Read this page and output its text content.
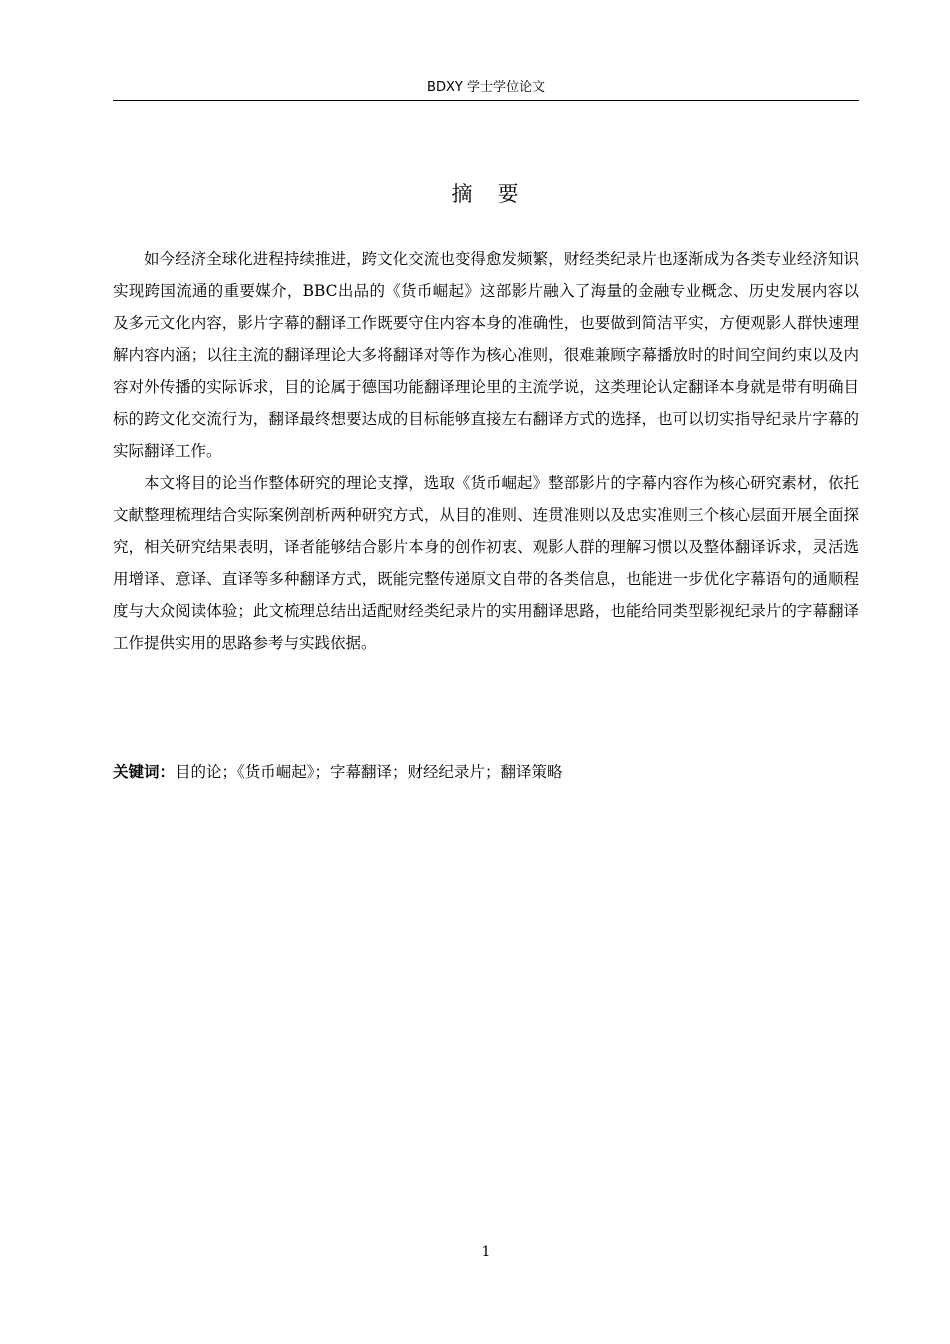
BDXY 学士学位论文
摘　要

如今经济全球化进程持续推进，跨文化交流也变得愈发频繁，财经类纪录片也逐渐成为各类专业经济知识实现跨国流通的重要媒介，BBC出品的《货币崛起》这部影片融入了海量的金融专业概念、历史发展内容以及多元文化内容，影片字幕的翻译工作既要守住内容本身的准确性，也要做到简洁平实，方便观影人群快速理解内容内涵；以往主流的翻译理论大多将翻译对等作为核心准则，很难兼顾字幕播放时的时间空间约束以及内容对外传播的实际诉求，目的论属于德国功能翻译理论里的主流学说，这类理论认定翻译本身就是带有明确目标的跨文化交流行为，翻译最终想要达成的目标能够直接左右翻译方式的选择，也可以切实指导纪录片字幕的实际翻译工作。

本文将目的论当作整体研究的理论支撑，选取《货币崛起》整部影片的字幕内容作为核心研究素材，依托文献整理梳理结合实际案例剖析两种研究方式，从目的准则、连贯准则以及忠实准则三个核心层面开展全面探究，相关研究结果表明，译者能够结合影片本身的创作初衷、观影人群的理解习惯以及整体翻译诉求，灵活选用增译、意译、直译等多种翻译方式，既能完整传递原文自带的各类信息，也能进一步优化字幕语句的通顺程度与大众阅读体验；此文梳理总结出适配财经类纪录片的实用翻译思路，也能给同类型影视纪录片的字幕翻译工作提供实用的思路参考与实践依据。

关键词：目的论；《货币崛起》；字幕翻译；财经纪录片；翻译策略
1
